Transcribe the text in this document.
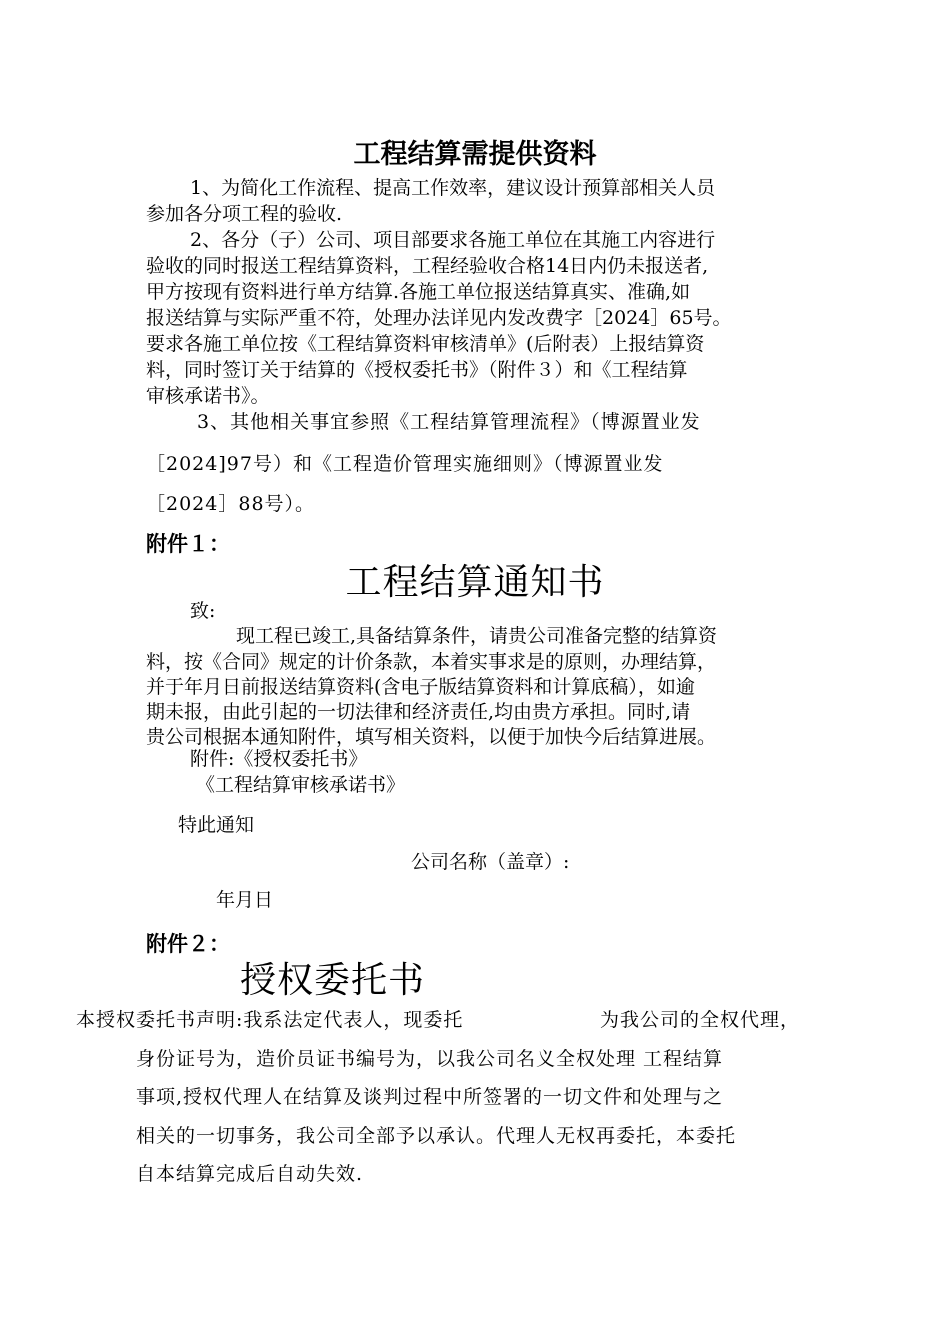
工程结算需提供资料
1、为简化工作流程、提高工作效率，建议设计预算部相关人员
参加各分项工程的验收.
2、各分（子）公司、项目部要求各施工单位在其施工内容进行
验收的同时报送工程结算资料，工程经验收合格14日内仍未报送者,
甲方按现有资料进行单方结算.各施工单位报送结算真实、准确,如
报送结算与实际严重不符，处理办法详见内发改费字［2024］65号。
要求各施工单位按《工程结算资料审核清单》(后附表）上报结算资
料，同时签订关于结算的《授权委托书》（附件３）和《工程结算
审核承诺书》。
3、其他相关事宜参照《工程结算管理流程》（博源置业发
［2024]97号）和《工程造价管理实施细则》（博源置业发
［2024］88号）。
附件１：
工程结算通知书
致:
现工程已竣工,具备结算条件，请贵公司准备完整的结算资
料，按《合同》规定的计价条款，本着实事求是的原则，办理结算，
并于年月日前报送结算资料(含电子版结算资料和计算底稿），如逾
期未报，由此引起的一切法律和经济责任,均由贵方承担。同时,请
贵公司根据本通知附件，填写相关资料，以便于加快今后结算进展。
附件:《授权委托书》
《工程结算审核承诺书》
特此通知
公司名称（盖章）:
年月日
附件２：
授权委托书
本授权委托书声明:我系法定代表人，现委托	为我公司的全权代理，
身份证号为，造价员证书编号为，以我公司名义全权处理 工程结算
事项,授权代理人在结算及谈判过程中所签署的一切文件和处理与之
相关的一切事务，我公司全部予以承认。代理人无权再委托，本委托
自本结算完成后自动失效.
